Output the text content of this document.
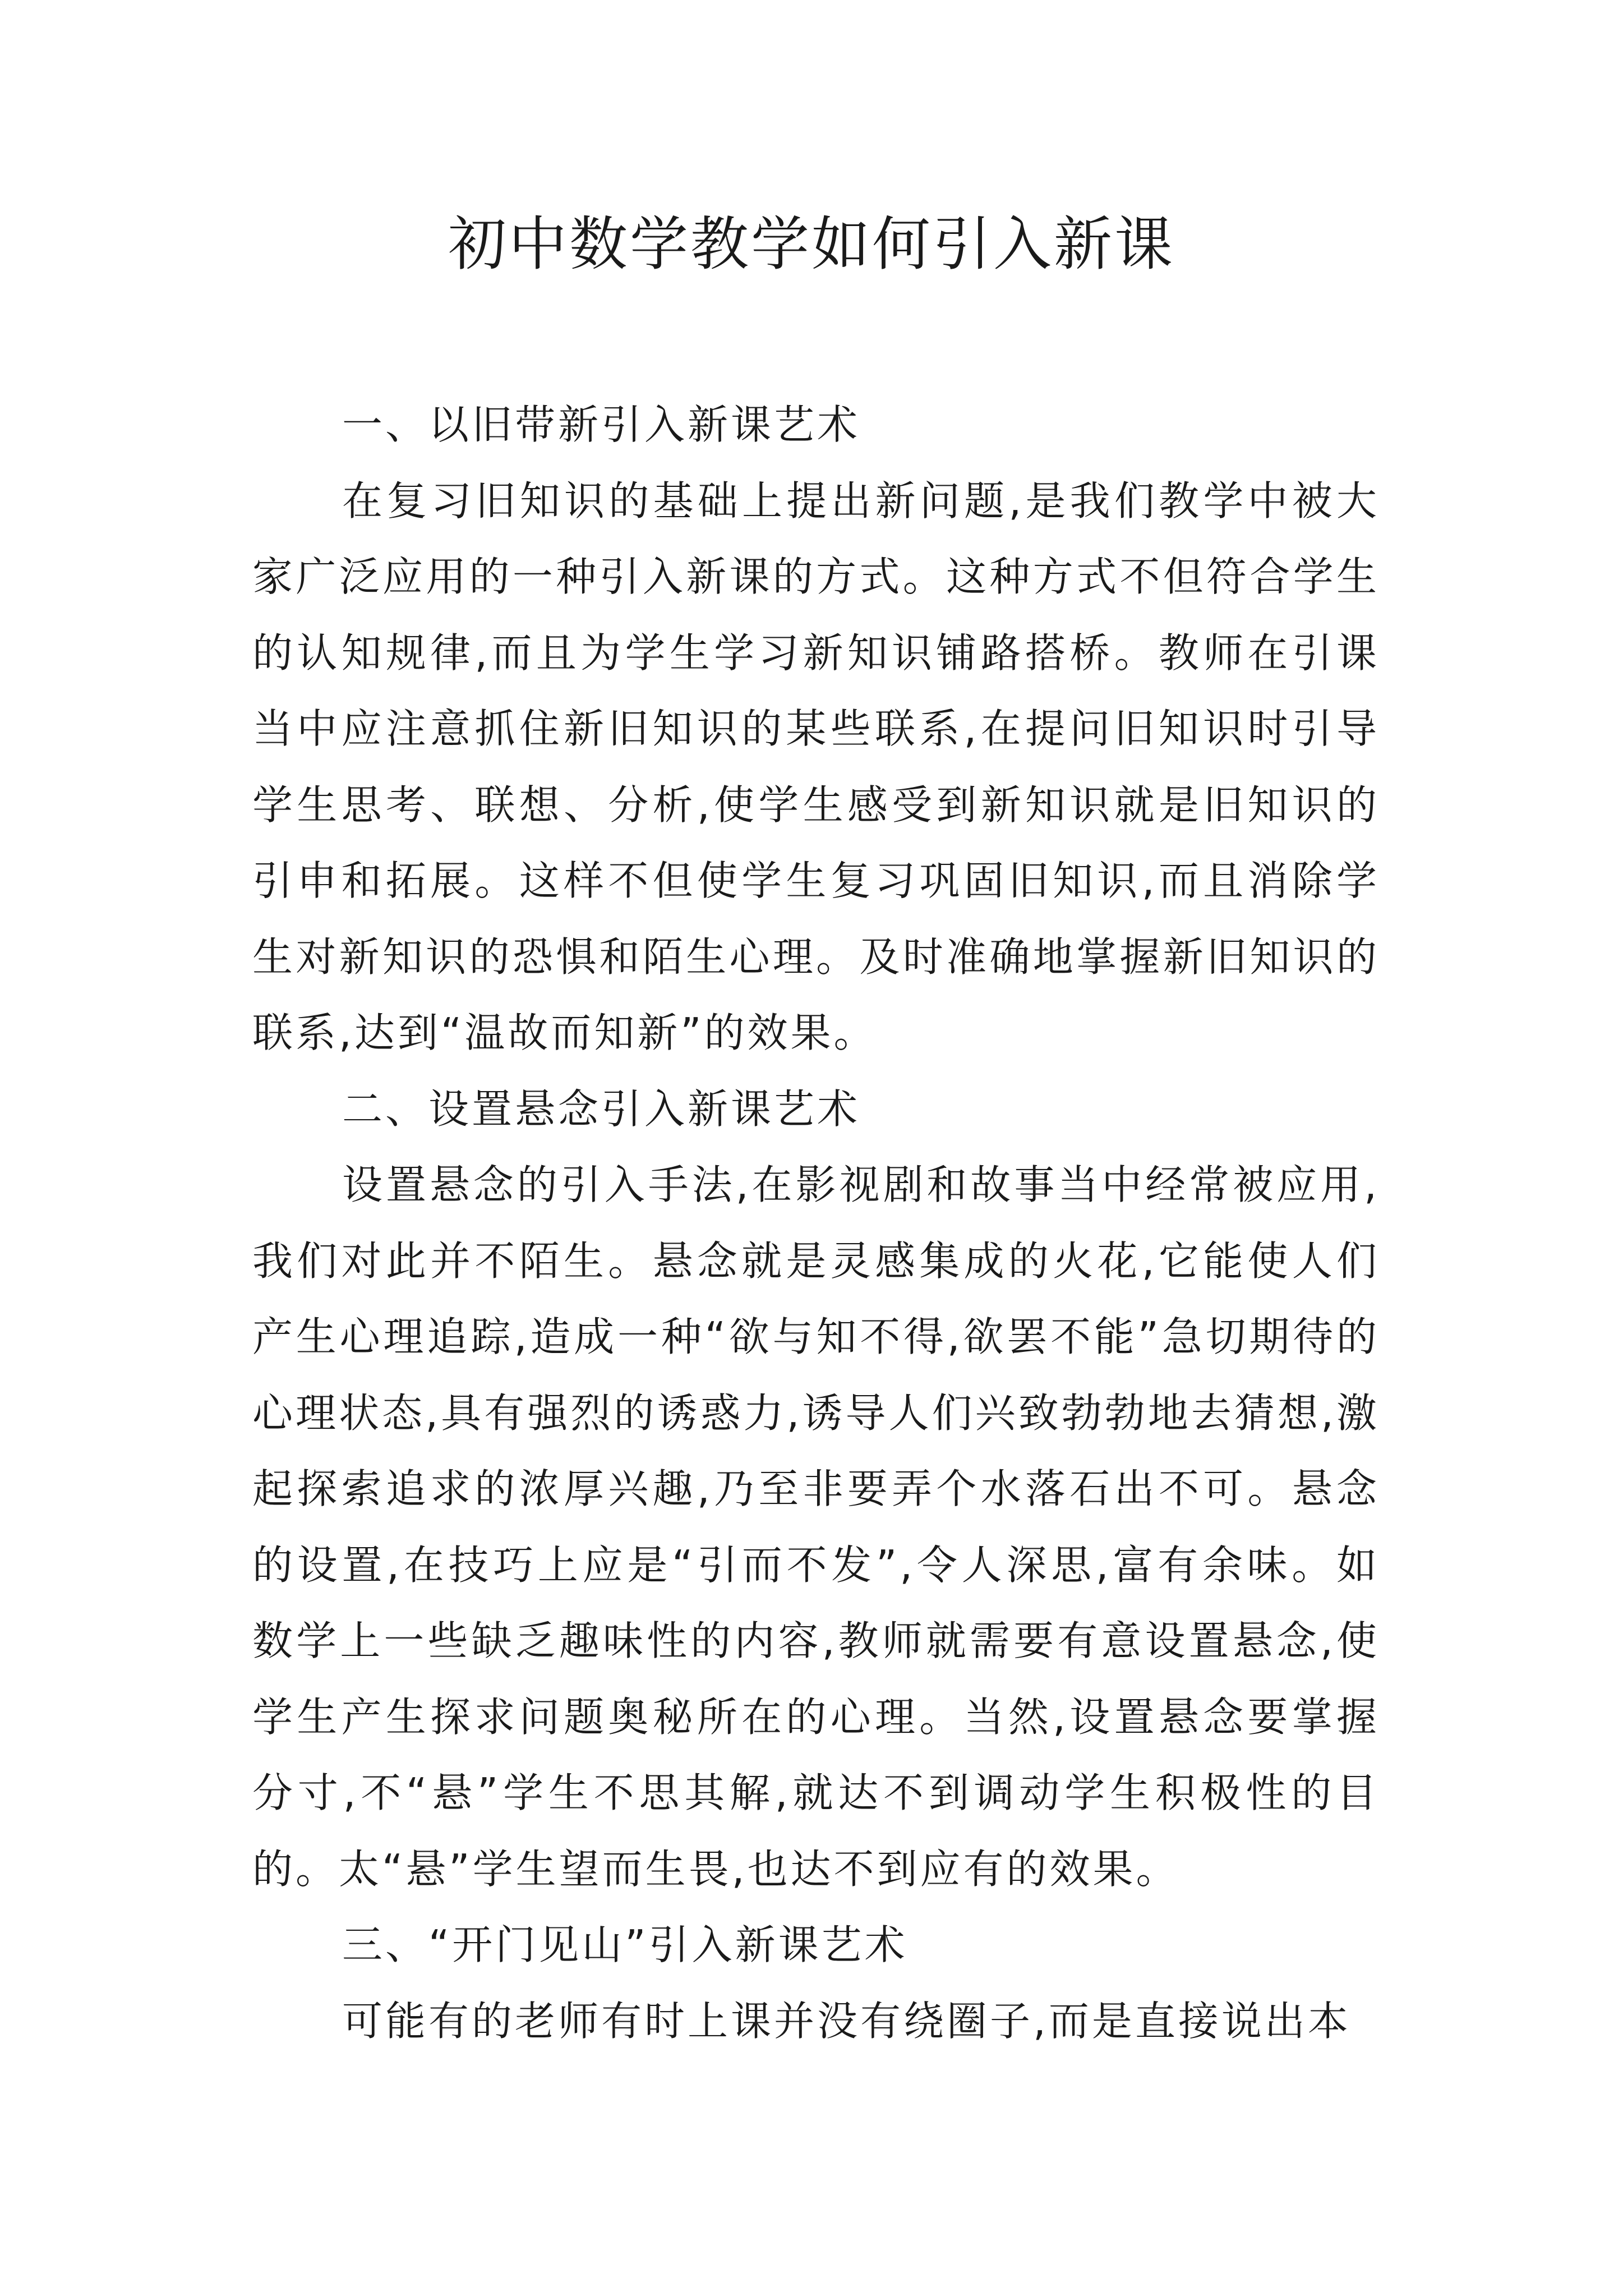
初中数学教学如何引入新课

一、以旧带新引入新课艺术

在复习旧知识的基础上提出新问题,是我们教学中被大家广泛应用的一种引入新课的方式。这种方式不但符合学生的认知规律,而且为学生学习新知识铺路搭桥。教师在引课当中应注意抓住新旧知识的某些联系,在提问旧知识时引导学生思考、联想、分析,使学生感受到新知识就是旧知识的引申和拓展。这样不但使学生复习巩固旧知识,而且消除学生对新知识的恐惧和陌生心理。及时准确地掌握新旧知识的联系,达到“温故而知新”的效果。

二、设置悬念引入新课艺术

设置悬念的引入手法,在影视剧和故事当中经常被应用,我们对此并不陌生。悬念就是灵感集成的火花,它能使人们产生心理追踪,造成一种“欲与知不得,欲罢不能”急切期待的心理状态,具有强烈的诱惑力,诱导人们兴致勃勃地去猜想,激起探索追求的浓厚兴趣,乃至非要弄个水落石出不可。悬念的设置,在技巧上应是“引而不发”,令人深思,富有余味。如数学上一些缺乏趣味性的内容,教师就需要有意设置悬念,使学生产生探求问题奥秘所在的心理。当然,设置悬念要掌握分寸,不“悬”学生不思其解,就达不到调动学生积极性的目的。太“悬”学生望而生畏,也达不到应有的效果。

三、“开门见山”引入新课艺术

可能有的老师有时上课并没有绕圈子,而是直接说出本
